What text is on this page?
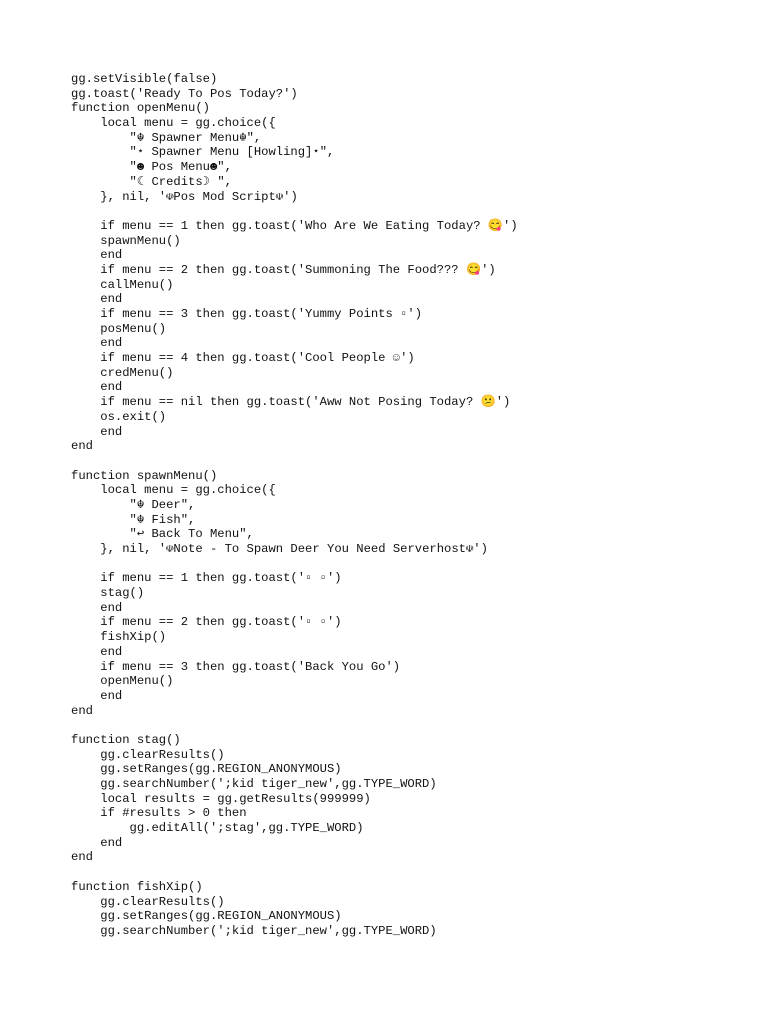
gg.setVisible(false)
gg.toast('Ready To Pos Today?')
function openMenu()
local menu = gg.choice({
"☬ Spawner Menu☬",
"⋆ Spawner Menu [Howling]⋆",
"☻ Pos Menu☻",
"☾ Credits☽ ",
}, nil, '☫Pos Mod Script☫')
if menu == 1 then gg.toast('Who Are We Eating Today? 😋')
spawnMenu()
end
if menu == 2 then gg.toast('Summoning The Food??? 😋')
callMenu()
end
if menu == 3 then gg.toast('Yummy Points ▫')
posMenu()
end
if menu == 4 then gg.toast('Cool People ☺')
credMenu()
end
if menu == nil then gg.toast('Aww Not Posing Today? 😕')
os.exit()
end
end
function spawnMenu()
local menu = gg.choice({
"☬ Deer",
"☬ Fish",
"↩ Back To Menu",
}, nil, '☫Note - To Spawn Deer You Need Serverhost☫')
if menu == 1 then gg.toast('▫ ▫')
stag()
end
if menu == 2 then gg.toast('▫ ▫')
fishXip()
end
if menu == 3 then gg.toast('Back You Go')
openMenu()
end
end
function stag()
gg.clearResults()
gg.setRanges(gg.REGION_ANONYMOUS)
gg.searchNumber(';kid tiger_new',gg.TYPE_WORD)
local results = gg.getResults(999999)
if #results > 0 then
gg.editAll(';stag',gg.TYPE_WORD)
end
end
function fishXip()
gg.clearResults()
gg.setRanges(gg.REGION_ANONYMOUS)
gg.searchNumber(';kid tiger_new',gg.TYPE_WORD)
